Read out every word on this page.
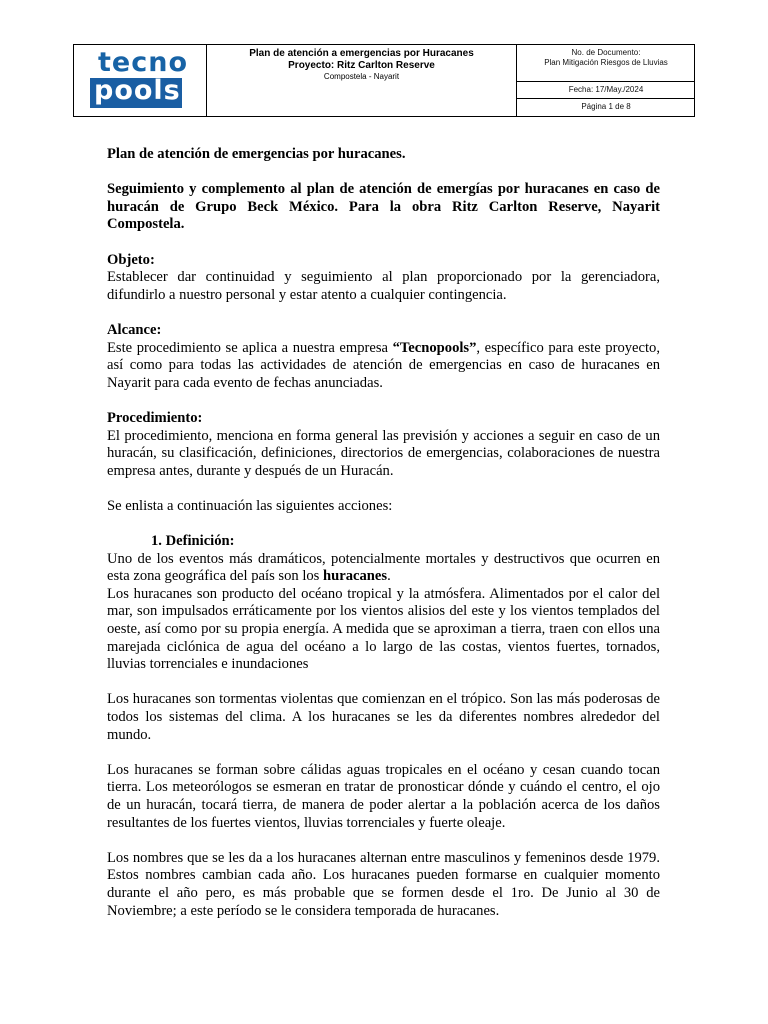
tecno
pools
Plan de atención a emergencias por Huracanes
Proyecto: Ritz Carlton Reserve
Compostela - Nayarit
No. de Documento:
Plan Mitigación Riesgos de Lluvias
Fecha: 17/May./2024
Página 1 de 8

Plan de atención de emergencias por huracanes.

Seguimiento y complemento al plan de atención de emergías por huracanes en caso de huracán de Grupo Beck México. Para la obra Ritz Carlton Reserve, Nayarit Compostela.

Objeto:

Establecer dar continuidad y seguimiento al plan proporcionado por la gerenciadora, difundirlo a nuestro personal y estar atento a cualquier contingencia.

Alcance:

Este procedimiento se aplica a nuestra empresa “Tecnopools”, específico para este proyecto, así como para todas las actividades de atención de emergencias en caso de huracanes en Nayarit para cada evento de fechas anunciadas.

Procedimiento:

El procedimiento, menciona en forma general las previsión y acciones a seguir en caso de un huracán, su clasificación, definiciones, directorios de emergencias, colaboraciones de nuestra empresa antes, durante y después de un Huracán.

Se enlista a continuación las siguientes acciones:

1. Definición:

Uno de los eventos más dramáticos, potencialmente mortales y destructivos que ocurren en esta zona geográfica del país son los huracanes.

Los huracanes son producto del océano tropical y la atmósfera. Alimentados por el calor del mar, son impulsados erráticamente por los vientos alisios del este y los vientos templados del oeste, así como por su propia energía. A medida que se aproximan a tierra, traen con ellos una marejada ciclónica de agua del océano a lo largo de las costas, vientos fuertes, tornados, lluvias torrenciales e inundaciones

Los huracanes son tormentas violentas que comienzan en el trópico. Son las más poderosas de todos los sistemas del clima. A los huracanes se les da diferentes nombres alrededor del mundo.

Los huracanes se forman sobre cálidas aguas tropicales en el océano y cesan cuando tocan tierra. Los meteorólogos se esmeran en tratar de pronosticar dónde y cuándo el centro, el ojo de un huracán, tocará tierra, de manera de poder alertar a la población acerca de los daños resultantes de los fuertes vientos, lluvias torrenciales y fuerte oleaje.

Los nombres que se les da a los huracanes alternan entre masculinos y femeninos desde 1979. Estos nombres cambian cada año. Los huracanes pueden formarse en cualquier momento durante el año pero, es más probable que se formen desde el 1ro. De Junio al 30 de Noviembre; a este período se le considera temporada de huracanes.
